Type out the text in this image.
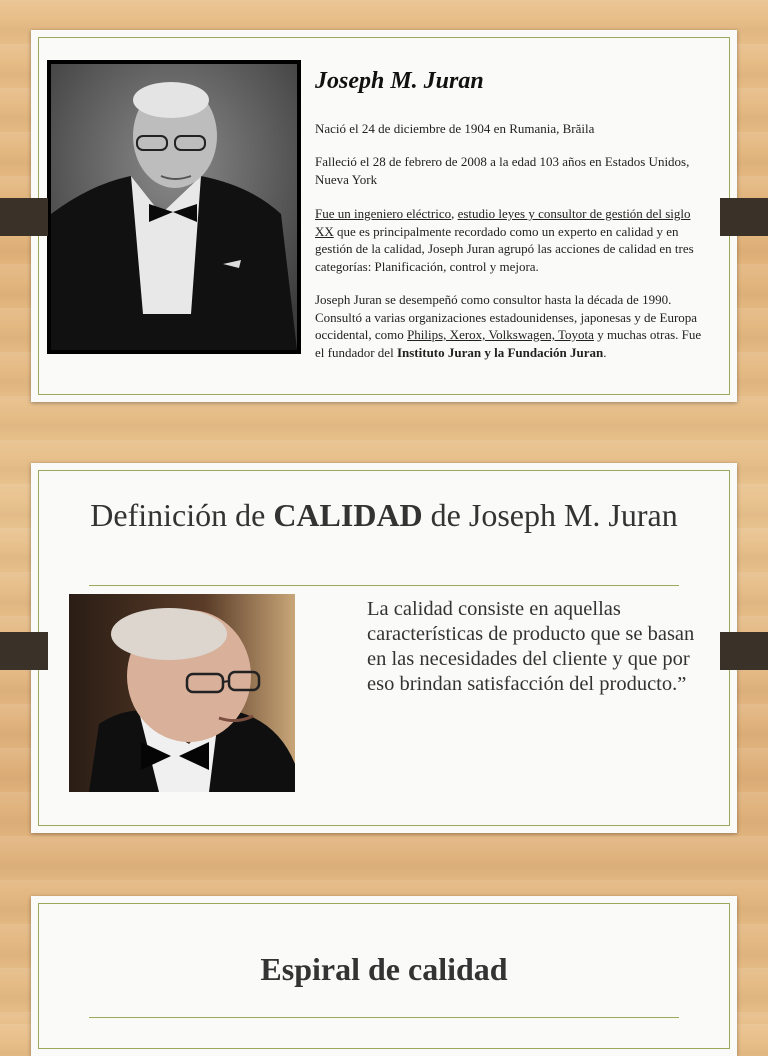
Joseph M. Juran
Nació el 24 de diciembre de 1904 en Rumania, Brăila
Falleció el 28 de febrero de 2008 a la edad 103 años en Estados Unidos, Nueva York
Fue un ingeniero eléctrico, estudio leyes y consultor de gestión del siglo XX que es principalmente recordado como un experto en calidad y en gestión de la calidad, Joseph Juran agrupó las acciones de calidad en tres categorías: Planificación, control y mejora.
Joseph Juran se desempeñó como consultor hasta la década de 1990. Consultó a varias organizaciones estadounidenses, japonesas y de Europa occidental, como Philips, Xerox, Volkswagen, Toyota y muchas otras. Fue el fundador del Instituto Juran y la Fundación Juran.
Definición de CALIDAD de Joseph M. Juran
La calidad consiste en aquellas características de producto que se basan en las necesidades del cliente y que por eso brindan satisfacción del producto.”
Espiral de calidad
